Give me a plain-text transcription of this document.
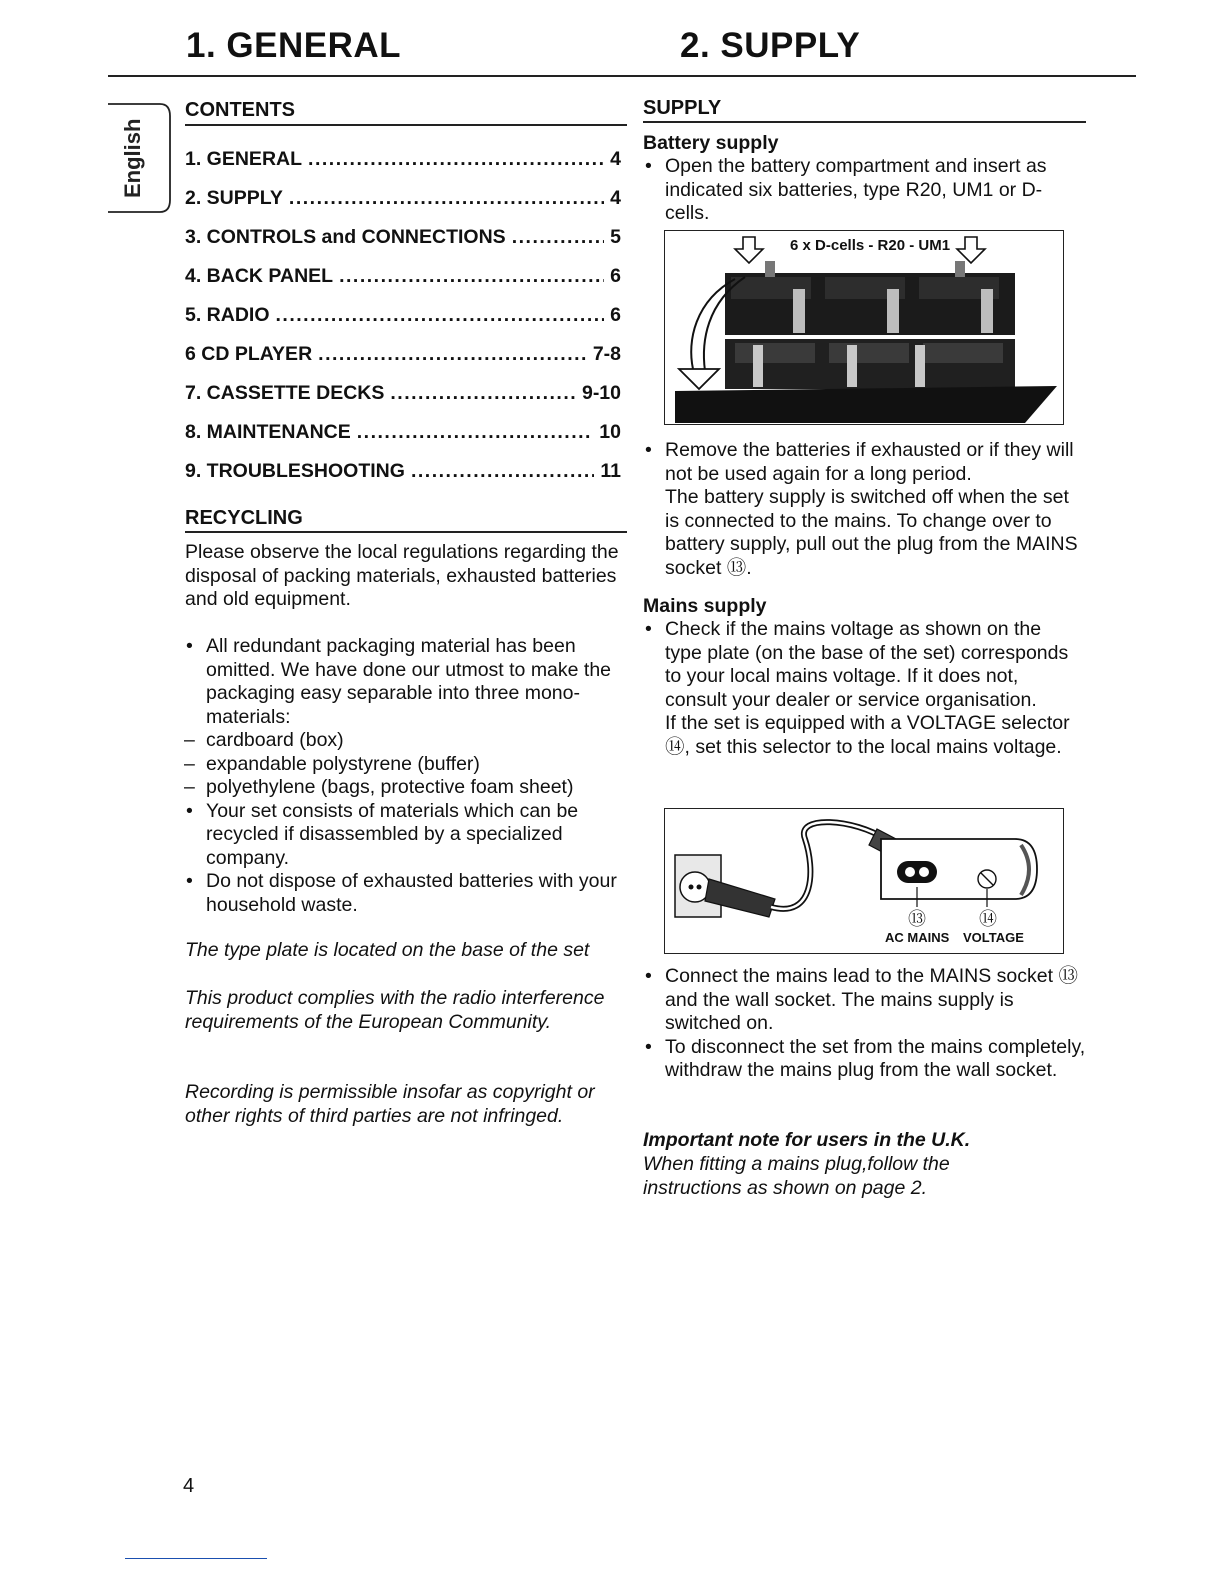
1. GENERAL	2. SUPPLY
English
CONTENTS
1. GENERAL .....	4
2. SUPPLY .....	4
3. CONTROLS and CONNECTIONS .....	5
4. BACK PANEL .....	6
5. RADIO .....	6
6 CD PLAYER .....	7-8
7. CASSETTE DECKS .....	9-10
8. MAINTENANCE .....	10
9. TROUBLESHOOTING .....	11
RECYCLING
Please observe the local regulations regarding the disposal of packing materials, exhausted batteries and old equipment.
• All redundant packaging material has been omitted. We have done our utmost to make the packaging easy separable into three mono-materials:
– cardboard (box)
– expandable polystyrene (buffer)
– polyethylene (bags, protective foam sheet)
• Your set consists of materials which can be recycled if disassembled by a specialized company.
• Do not dispose of exhausted batteries with your household waste.
The type plate is located on the base of the set
This product complies with the radio interference requirements of the European Community.
Recording is permissible insofar as copyright or other rights of third parties are not infringed.
SUPPLY
Battery supply
• Open the battery compartment and insert as indicated six batteries, type R20, UM1 or D-cells.
6 x D-cells - R20 - UM1
• Remove the batteries if exhausted or if they will not be used again for a long period.
The battery supply is switched off when the set is connected to the mains. To change over to battery supply, pull out the plug from the MAINS socket ⑬.
Mains supply
• Check if the mains voltage as shown on the type plate (on the base of the set) corresponds to your local mains voltage. If it does not, consult your dealer or service organisation.
If the set is equipped with a VOLTAGE selector ⑭, set this selector to the local mains voltage.
⑬	⑭
AC MAINS VOLTAGE
• Connect the mains lead to the MAINS socket ⑬ and the wall socket. The mains supply is switched on.
• To disconnect the set from the mains completely, withdraw the mains plug from the wall socket.
Important note for users in the U.K.
When fitting a mains plug,follow the instructions as shown on page 2.
4
